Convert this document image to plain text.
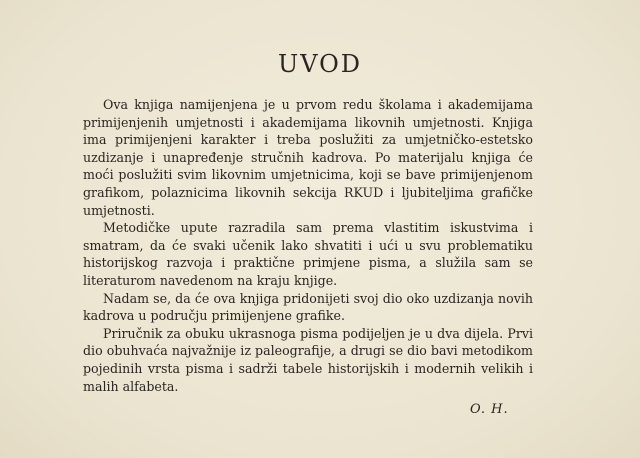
UVOD

Ova knjiga namijenjena je u prvom redu školama i akademijama primijenjenih umjetnosti i akademijama likovnih umjetnosti. Knjiga ima primijenjeni karakter i treba poslužiti za umjetničko-estetsko uzdizanje i unapređenje stručnih kadrova. Po materijalu knjiga će moći poslužiti svim likovnim umjetnicima, koji se bave primijenjenom grafikom, polaznicima likovnih sekcija RKUD i ljubiteljima grafičke umjetnosti.

Metodičke upute razradila sam prema vlastitim iskustvima i smatram, da će svaki učenik lako shvatiti i ući u svu problematiku historijskog razvoja i praktične primjene pisma, a služila sam se literaturom navedenom na kraju knjige.

Nadam se, da će ova knjiga pridonijeti svoj dio oko uzdizanja novih kadrova u području primijenjene grafike.

Priručnik za obuku ukrasnoga pisma podijeljen je u dva dijela. Prvi dio obuhvaća najvažnije iz paleografije, a drugi se dio bavi metodikom pojedinih vrsta pisma i sadrži tabele historijskih i modernih velikih i malih alfabeta.

O. H.
